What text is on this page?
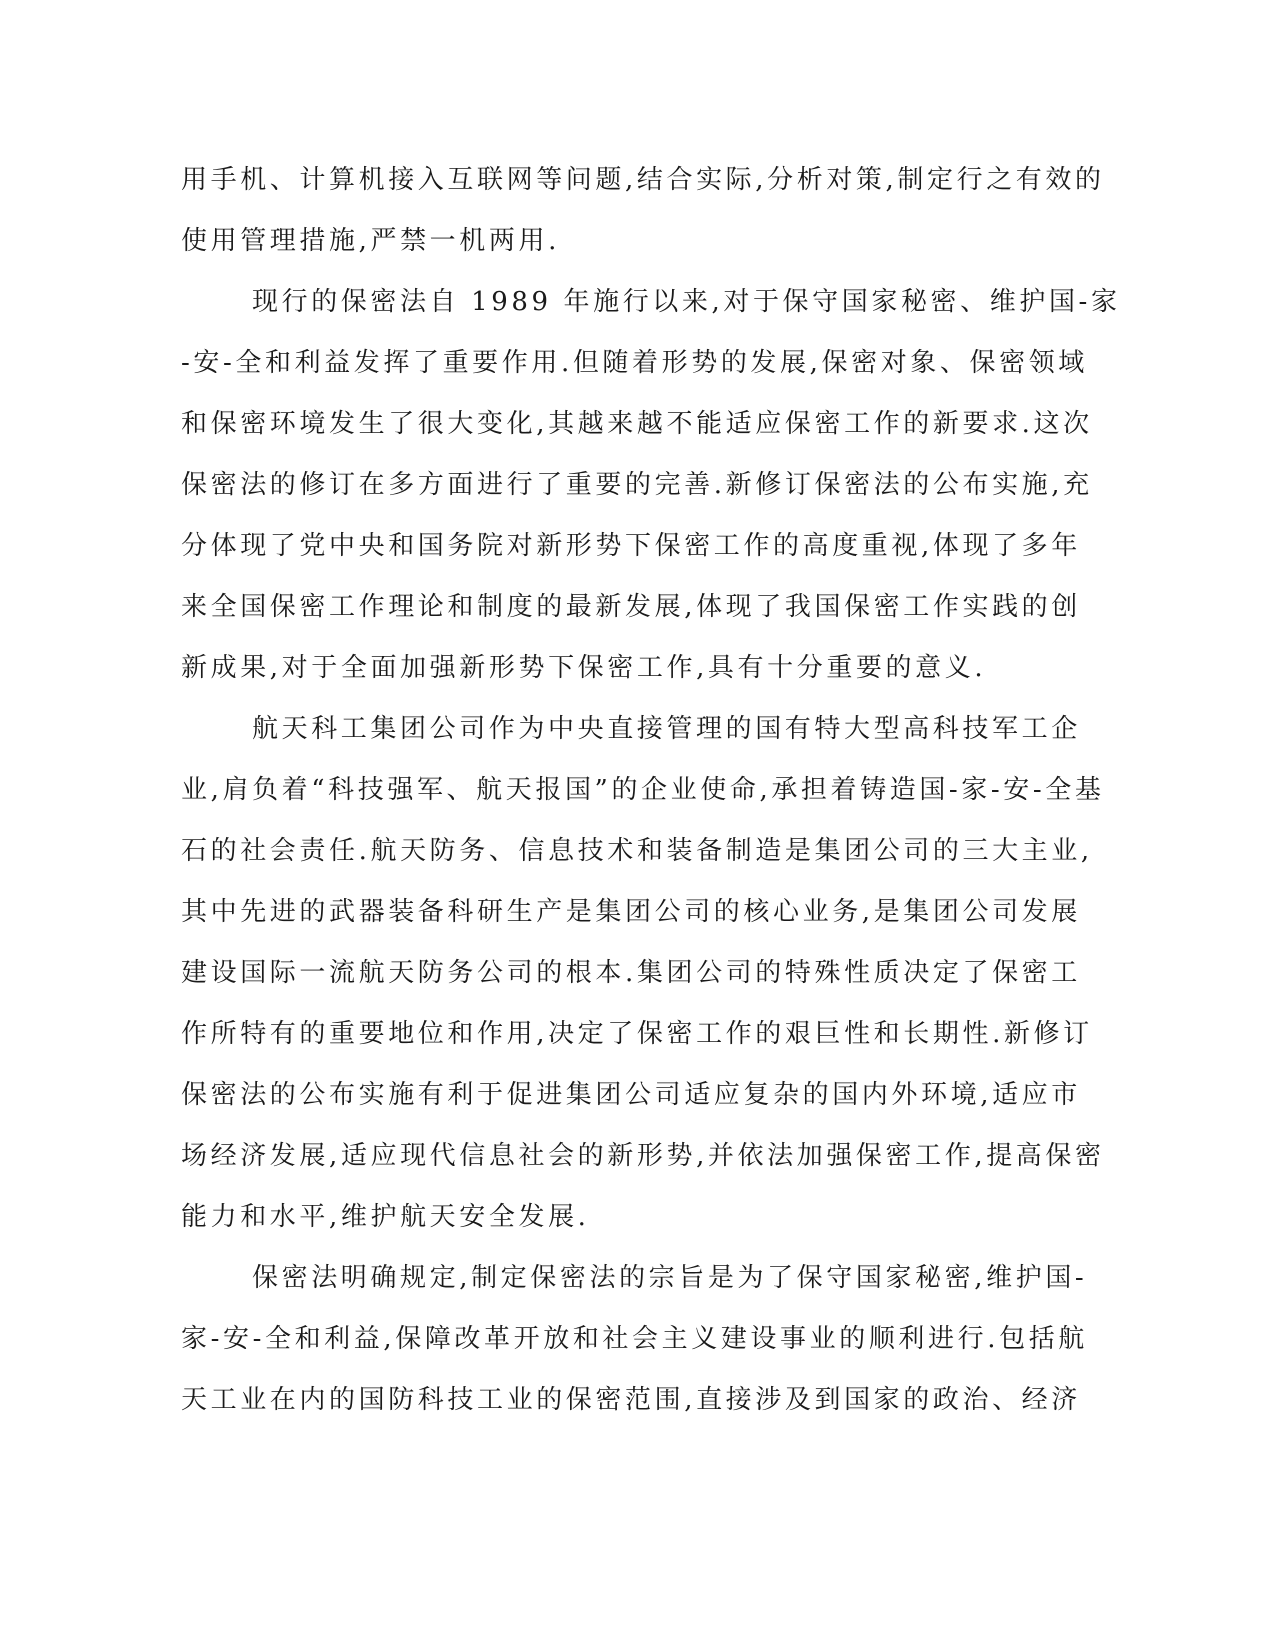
用手机、计算机接入互联网等问题,结合实际,分析对策,制定行之有效的
使用管理措施,严禁一机两用.
现行的保密法自 1989 年施行以来,对于保守国家秘密、维护国-家
-安-全和利益发挥了重要作用.但随着形势的发展,保密对象、保密领域
和保密环境发生了很大变化,其越来越不能适应保密工作的新要求.这次
保密法的修订在多方面进行了重要的完善.新修订保密法的公布实施,充
分体现了党中央和国务院对新形势下保密工作的高度重视,体现了多年
来全国保密工作理论和制度的最新发展,体现了我国保密工作实践的创
新成果,对于全面加强新形势下保密工作,具有十分重要的意义.
航天科工集团公司作为中央直接管理的国有特大型高科技军工企
业,肩负着“科技强军、航天报国”的企业使命,承担着铸造国-家-安-全基
石的社会责任.航天防务、信息技术和装备制造是集团公司的三大主业,
其中先进的武器装备科研生产是集团公司的核心业务,是集团公司发展
建设国际一流航天防务公司的根本.集团公司的特殊性质决定了保密工
作所特有的重要地位和作用,决定了保密工作的艰巨性和长期性.新修订
保密法的公布实施有利于促进集团公司适应复杂的国内外环境,适应市
场经济发展,适应现代信息社会的新形势,并依法加强保密工作,提高保密
能力和水平,维护航天安全发展.
保密法明确规定,制定保密法的宗旨是为了保守国家秘密,维护国-
家-安-全和利益,保障改革开放和社会主义建设事业的顺利进行.包括航
天工业在内的国防科技工业的保密范围,直接涉及到国家的政治、经济
